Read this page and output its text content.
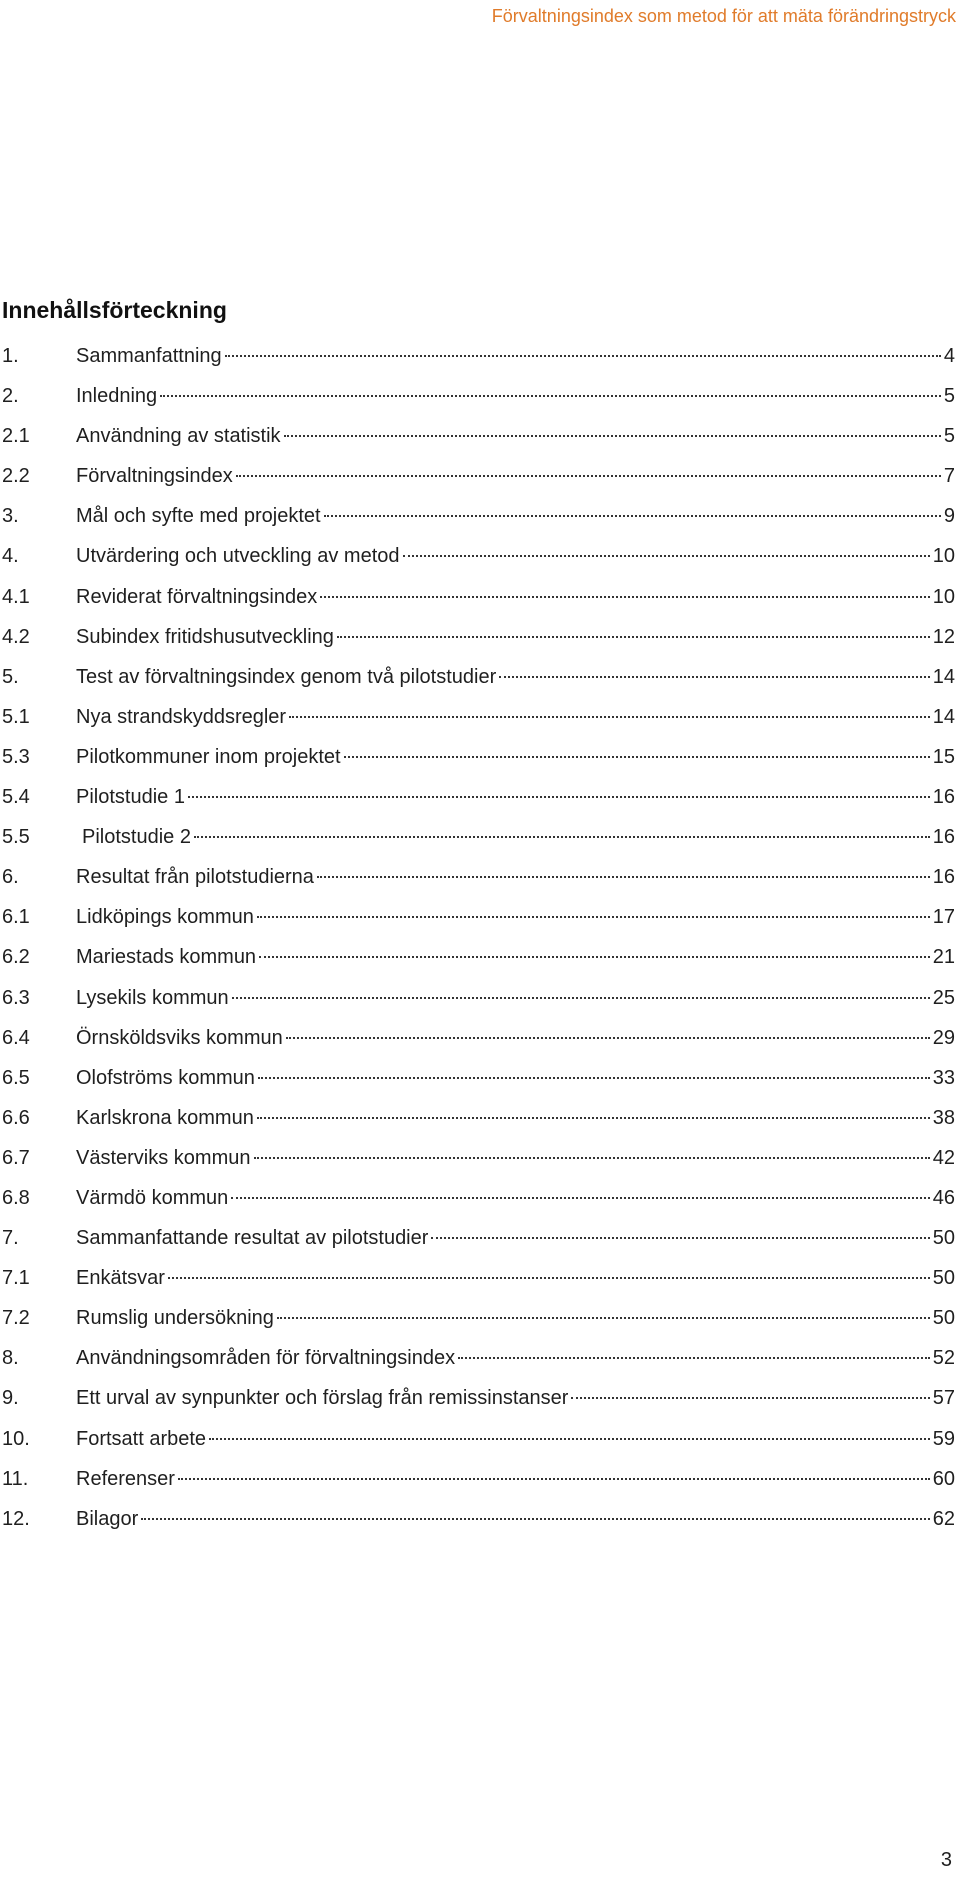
Förvaltningsindex som metod för att mäta förändringstryck
Innehållsförteckning
1.	Sammanfattning	4
2.	Inledning	5
2.1	Användning av statistik	5
2.2	Förvaltningsindex	7
3.	Mål och syfte med projektet	9
4.	Utvärdering och utveckling av metod	10
4.1	Reviderat förvaltningsindex	10
4.2	Subindex fritidshusutveckling	12
5.	Test av förvaltningsindex genom två pilotstudier	14
5.1	Nya strandskyddsregler	14
5.3	Pilotkommuner inom projektet	15
5.4	Pilotstudie 1	16
5.5	Pilotstudie 2	16
6.	Resultat från pilotstudierna	16
6.1	Lidköpings kommun	17
6.2	Mariestads kommun	21
6.3	Lysekils kommun	25
6.4	Örnsköldsviks kommun	29
6.5	Olofströms kommun	33
6.6	Karlskrona kommun	38
6.7	Västerviks kommun	42
6.8	Värmdö kommun	46
7.	Sammanfattande resultat av pilotstudier	50
7.1	Enkätsvar	50
7.2	Rumslig undersökning	50
8.	Användningsområden för förvaltningsindex	52
9.	Ett urval av synpunkter och förslag från remissinstanser	57
10.	Fortsatt arbete	59
11.	Referenser	60
12.	Bilagor	62
3
